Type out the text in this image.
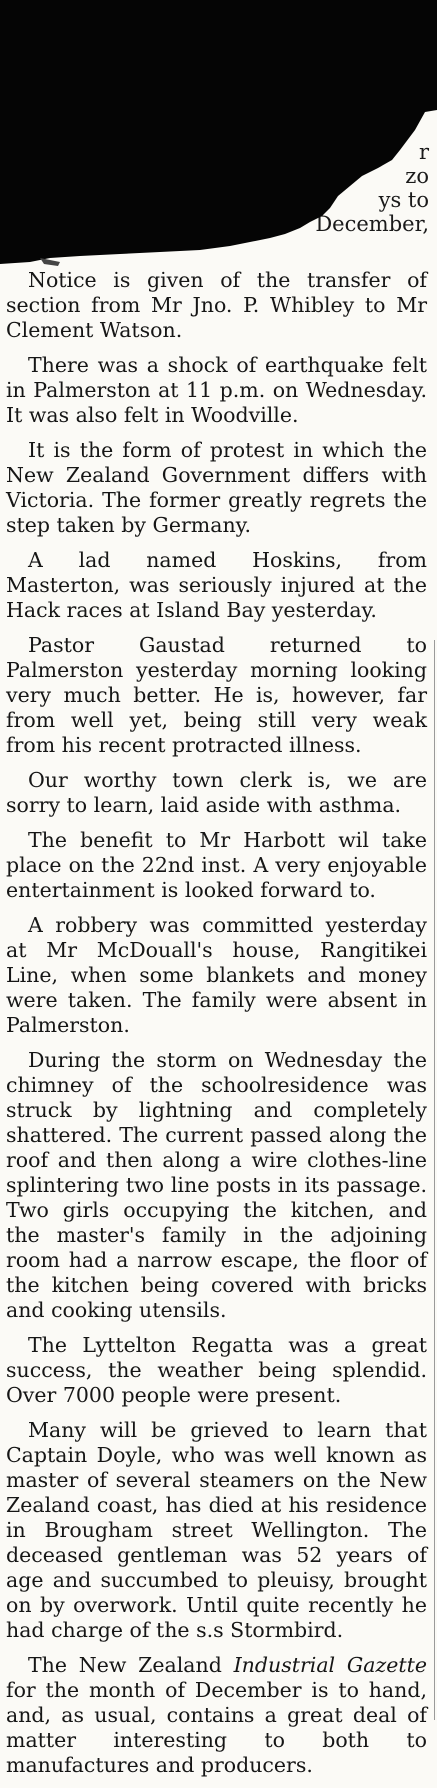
r
zo
ys to
December,

Notice is given of the transfer of section from Mr Jno. P. Whibley to Mr Clement Watson.

There was a shock of earthquake felt in Palmerston at 11 p.m. on Wednesday. It was also felt in Woodville.

It is the form of protest in which the New Zealand Government differs with Victoria. The former greatly regrets the step taken by Germany.

A lad named Hoskins, from Masterton, was seriously injured at the Hack races at Island Bay yesterday.

Pastor Gaustad returned to Palmerston yesterday morning looking very much better. He is, however, far from well yet, being still very weak from his recent protracted illness.

Our worthy town clerk is, we are sorry to learn, laid aside with asthma.

The benefit to Mr Harbott wil take place on the 22nd inst. A very enjoyable entertainment is looked forward to.

A robbery was committed yesterday at Mr McDouall's house, Rangitikei Line, when some blankets and money were taken. The family were absent in Palmerston.

During the storm on Wednesday the chimney of the schoolresidence was struck by lightning and completely shattered. The current passed along the roof and then along a wire clothes-line splintering two line posts in its passage. Two girls occupying the kitchen, and the master's family in the adjoining room had a narrow escape, the floor of the kitchen being covered with bricks and cooking utensils.

The Lyttelton Regatta was a great success, the weather being splendid. Over 7000 people were present.

Many will be grieved to learn that Captain Doyle, who was well known as master of several steamers on the New Zealand coast, has died at his residence in Brougham street Wellington. The deceased gentleman was 52 years of age and succumbed to pleuisy, brought on by overwork. Until quite recently he had charge of the s.s Stormbird.

The New Zealand Industrial Gazette for the month of December is to hand, and, as usual, contains a great deal of matter interesting to both to manufactures and producers.
